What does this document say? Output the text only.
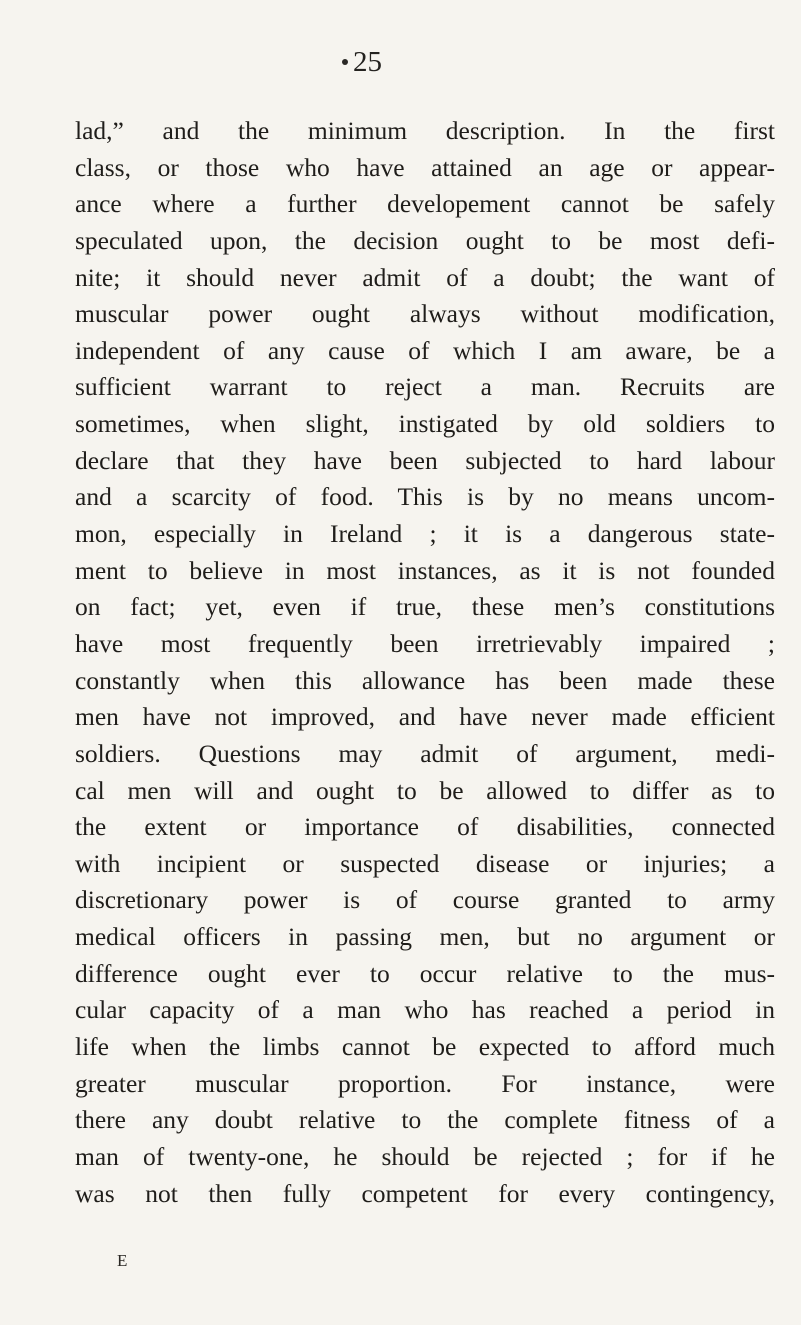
25
lad,” and the minimum description. In the first
class, or those who have attained an age or appear-
ance where a further developement cannot be safely
speculated upon, the decision ought to be most defi-
nite; it should never admit of a doubt; the want of
muscular power ought always without modification,
independent of any cause of which I am aware, be a
sufficient warrant to reject a man. Recruits are
sometimes, when slight, instigated by old soldiers to
declare that they have been subjected to hard labour
and a scarcity of food. This is by no means uncom-
mon, especially in Ireland ; it is a dangerous state-
ment to believe in most instances, as it is not founded
on fact; yet, even if true, these men’s constitutions
have most frequently been irretrievably impaired ;
constantly when this allowance has been made these
men have not improved, and have never made efficient
soldiers. Questions may admit of argument, medi-
cal men will and ought to be allowed to differ as to
the extent or importance of disabilities, connected
with incipient or suspected disease or injuries; a
discretionary power is of course granted to army
medical officers in passing men, but no argument or
difference ought ever to occur relative to the mus-
cular capacity of a man who has reached a period in
life when the limbs cannot be expected to afford much
greater muscular proportion. For instance, were
there any doubt relative to the complete fitness of a
man of twenty-one, he should be rejected ; for if he
was not then fully competent for every contingency,
E
